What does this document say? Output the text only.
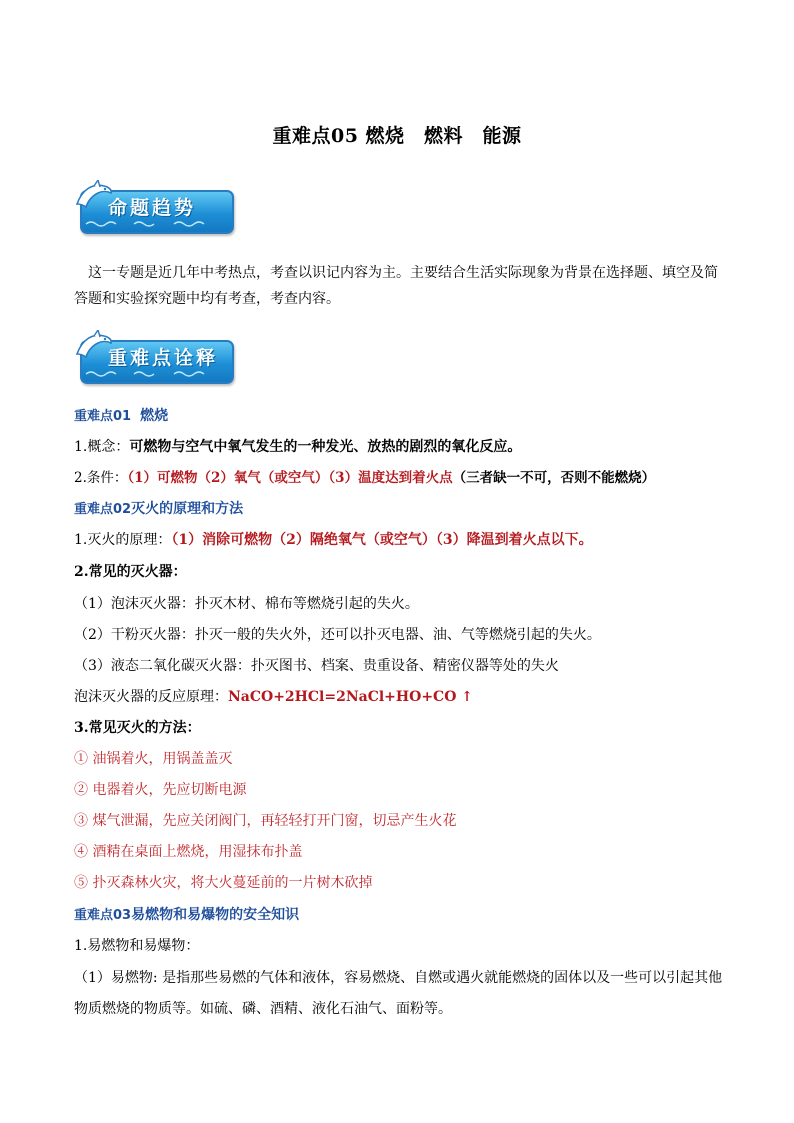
重难点05 燃烧　燃料　能源
命题趋势
这一专题是近几年中考热点，考查以识记内容为主。主要结合生活实际现象为背景在选择题、填空及简答题和实验探究题中均有考查，考查内容。
重难点诠释
重难点01 燃烧
1.概念：可燃物与空气中氧气发生的一种发光、放热的剧烈的氧化反应。
2.条件：（1）可燃物（2）氧气（或空气）（3）温度达到着火点（三者缺一不可，否则不能燃烧）
重难点02灭火的原理和方法
1.灭火的原理：（1）消除可燃物（2）隔绝氧气（或空气）（3）降温到着火点以下。
2.常见的灭火器：
（1）泡沫灭火器：扑灭木材、棉布等燃烧引起的失火。
（2）干粉灭火器：扑灭一般的失火外，还可以扑灭电器、油、气等燃烧引起的失火。
（3）液态二氧化碳灭火器：扑灭图书、档案、贵重设备、精密仪器等处的失火
泡沫灭火器的反应原理：NaCO+2HCl=2NaCl+HO+CO ↑
3.常见灭火的方法：
① 油锅着火，用锅盖盖灭
② 电器着火，先应切断电源
③ 煤气泄漏，先应关闭阀门，再轻轻打开门窗，切忌产生火花
④ 酒精在桌面上燃烧，用湿抹布扑盖
⑤ 扑灭森林火灾，将大火蔓延前的一片树木砍掉
重难点03易燃物和易爆物的安全知识
1.易燃物和易爆物：
（1）易燃物: 是指那些易燃的气体和液体，容易燃烧、自燃或遇火就能燃烧的固体以及一些可以引起其他物质燃烧的物质等。如硫、磷、酒精、液化石油气、面粉等。
